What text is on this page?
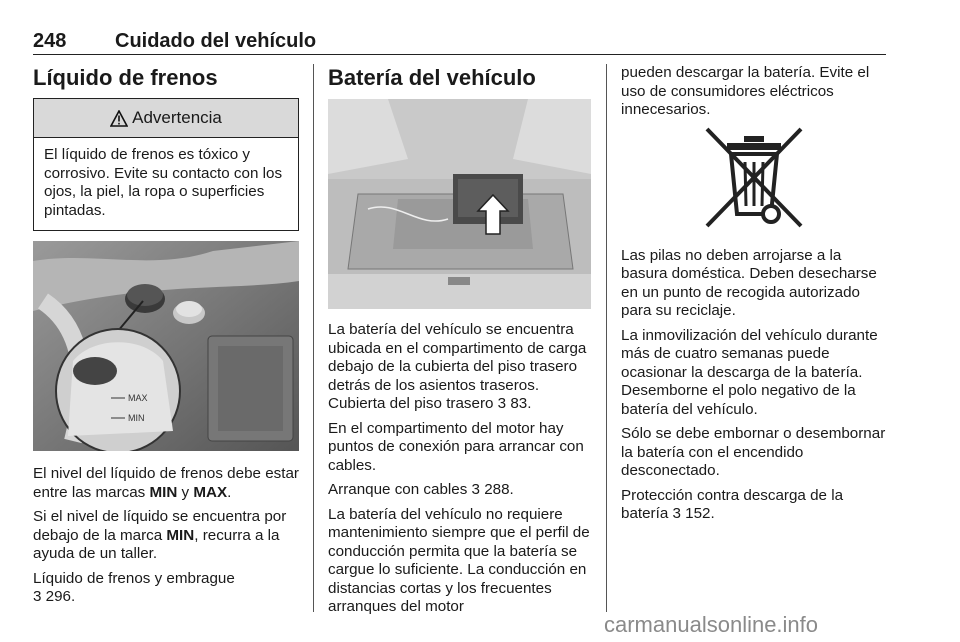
248 Cuidado del vehículo
Líquido de frenos
Advertencia
El líquido de frenos es tóxico y corrosivo. Evite su contacto con los ojos, la piel, la ropa o superficies pintadas.
MAX
MIN

El nivel del líquido de frenos debe estar entre las marcas MIN y MAX.

Si el nivel de líquido se encuentra por debajo de la marca MIN, recurra a la ayuda de un taller.

Líquido de frenos y embrague
3 296.

Batería del vehículo

La batería del vehículo se encuentra ubicada en el compartimento de carga debajo de la cubierta del piso trasero detrás de los asientos traseros. Cubierta del piso trasero 3 83.

En el compartimento del motor hay puntos de conexión para arrancar con cables.

Arranque con cables 3 288.

La batería del vehículo no requiere mantenimiento siempre que el perfil de conducción permita que la batería se cargue lo suficiente. La conducción en distancias cortas y los frecuentes arranques del motor

pueden descargar la batería. Evite el uso de consumidores eléctricos innecesarios.

Las pilas no deben arrojarse a la basura doméstica. Deben desecharse en un punto de recogida autorizado para su reciclaje.

La inmovilización del vehículo durante más de cuatro semanas puede ocasionar la descarga de la batería. Desemborne el polo negativo de la batería del vehículo.

Sólo se debe embornar o desembornar la batería con el encendido desconectado.

Protección contra descarga de la batería 3 152.

carmanualsonline.info
